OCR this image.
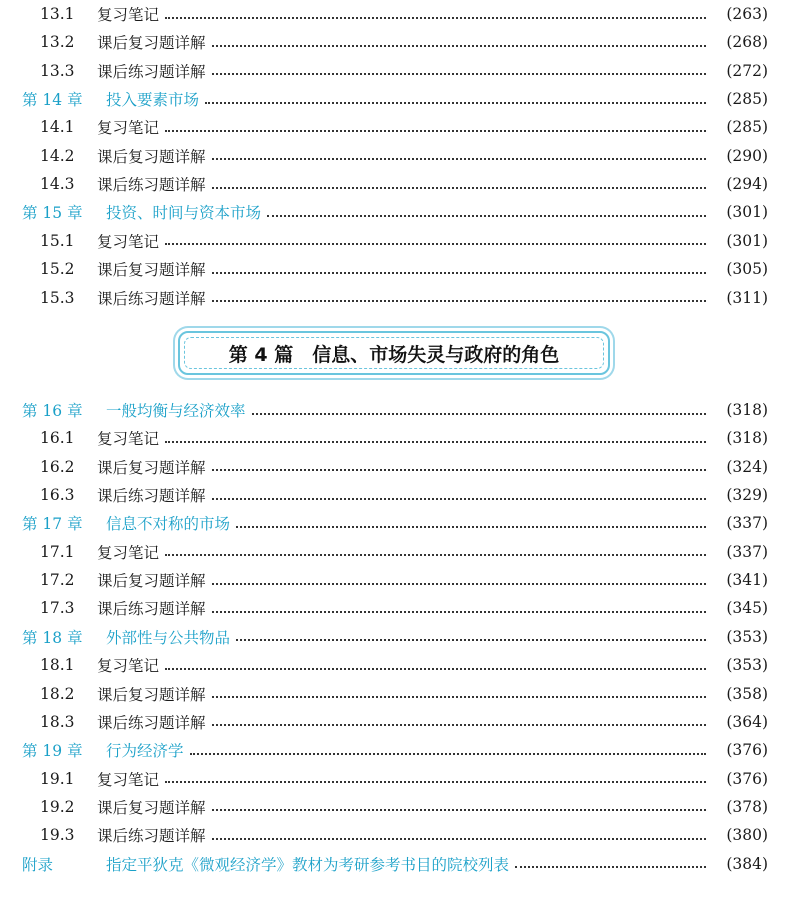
13.1	复习笔记	(263)
13.2	课后复习题详解	(268)
13.3	课后练习题详解	(272)
第 14 章	投入要素市场	(285)
14.1	复习笔记	(285)
14.2	课后复习题详解	(290)
14.3	课后练习题详解	(294)
第 15 章	投资、时间与资本市场	(301)
15.1	复习笔记	(301)
15.2	课后复习题详解	(305)
15.3	课后练习题详解	(311)
第 4 篇　信息、市场失灵与政府的角色
第 16 章	一般均衡与经济效率	(318)
16.1	复习笔记	(318)
16.2	课后复习题详解	(324)
16.3	课后练习题详解	(329)
第 17 章	信息不对称的市场	(337)
17.1	复习笔记	(337)
17.2	课后复习题详解	(341)
17.3	课后练习题详解	(345)
第 18 章	外部性与公共物品	(353)
18.1	复习笔记	(353)
18.2	课后复习题详解	(358)
18.3	课后练习题详解	(364)
第 19 章	行为经济学	(376)
19.1	复习笔记	(376)
19.2	课后复习题详解	(378)
19.3	课后练习题详解	(380)
附录	指定平狄克《微观经济学》教材为考研参考书目的院校列表	(384)
